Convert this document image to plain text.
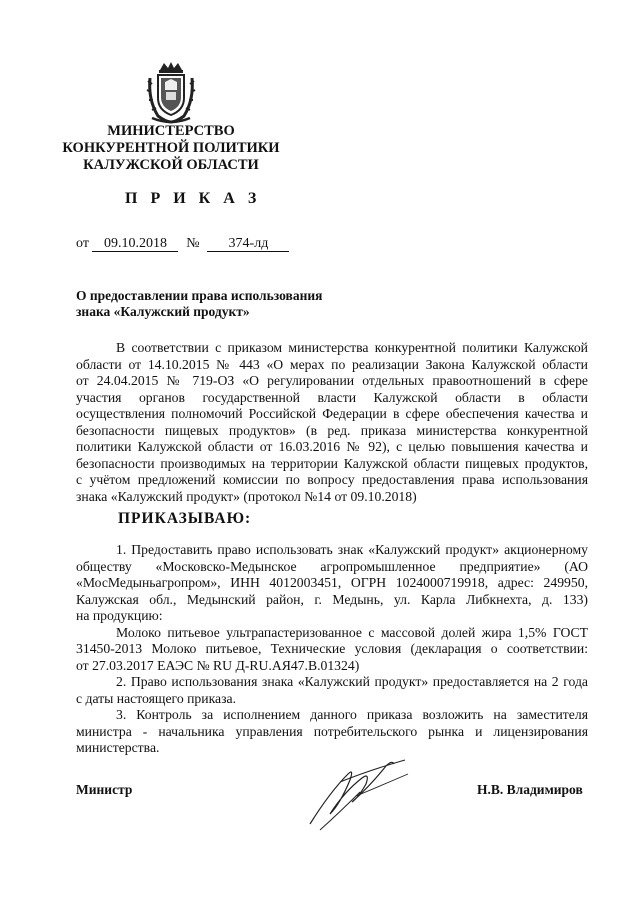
МИНИСТЕРСТВО
КОНКУРЕНТНОЙ ПОЛИТИКИ
КАЛУЖСКОЙ ОБЛАСТИ
П Р И К А З
от 09.10.2018 № 374-лд
О предоставлении права использования
знака «Калужский продукт»
В соответствии с приказом министерства конкурентной политики Калужской
области от 14.10.2015 № 443 «О мерах по реализации Закона Калужской области
от 24.04.2015 № 719-ОЗ «О регулировании отдельных правоотношений в сфере
участия органов государственной власти Калужской области в области
осуществления полномочий Российской Федерации в сфере обеспечения качества и
безопасности пищевых продуктов» (в ред. приказа министерства конкурентной
политики Калужской области от 16.03.2016 № 92), с целью повышения качества и
безопасности производимых на территории Калужской области пищевых продуктов,
с учётом предложений комиссии по вопросу предоставления права использования
знака «Калужский продукт» (протокол №14 от 09.10.2018)
ПРИКАЗЫВАЮ:
1. Предоставить право использовать знак «Калужский продукт» акционерному
обществу «Московско-Медынское агропромышленное предприятие» (АО
«МосМедыньагропром», ИНН 4012003451, ОГРН 1024000719918, адрес: 249950,
Калужская обл., Медынский район, г. Медынь, ул. Карла Либкнехта, д. 133)
на продукцию:
Молоко питьевое ультрапастеризованное с массовой долей жира 1,5% ГОСТ
31450-2013 Молоко питьевое, Технические условия (декларация о соответствии:
от 27.03.2017 ЕАЭС № RU Д-RU.АЯ47.В.01324)
2. Право использования знака «Калужский продукт» предоставляется на 2 года
с даты настоящего приказа.
3. Контроль за исполнением данного приказа возложить на заместителя
министра - начальника управления потребительского рынка и лицензирования
министерства.
Министр	Н.В. Владимиров
